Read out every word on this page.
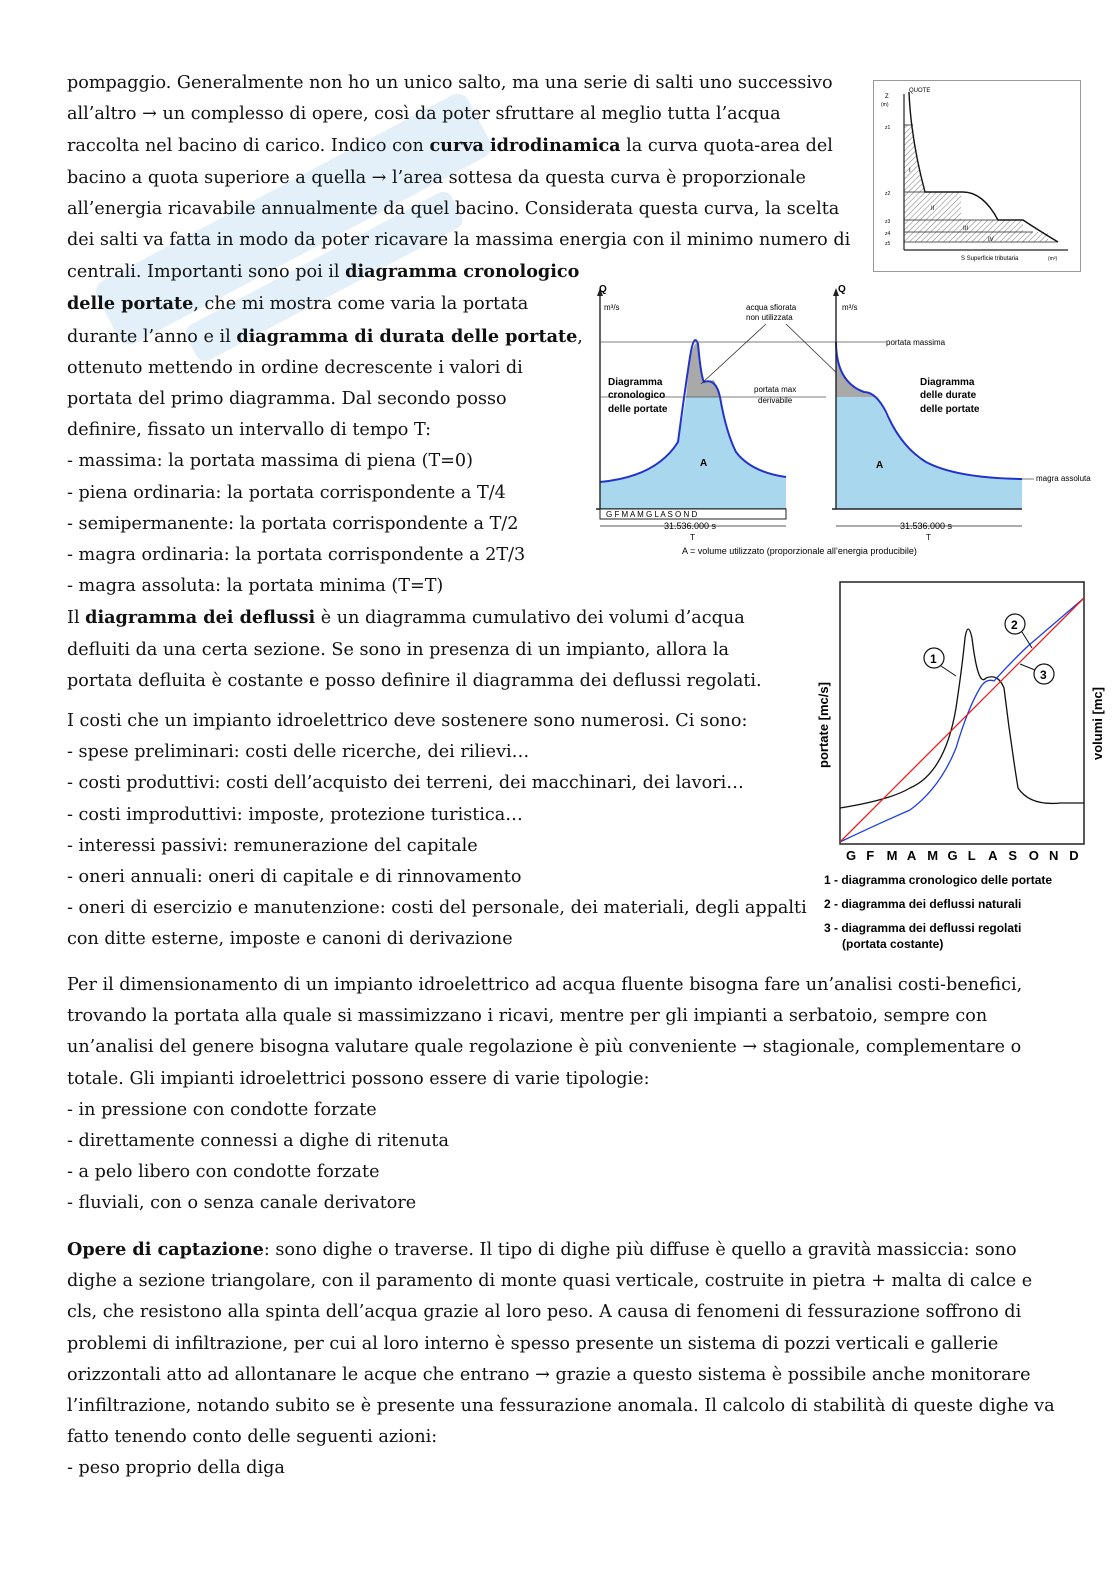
pompaggio. Generalmente non ho un unico salto, ma una serie di salti uno successivo
all’altro → un complesso di opere, così da poter sfruttare al meglio tutta l’acqua
raccolta nel bacino di carico. Indico con curva idrodinamica la curva quota-area del
bacino a quota superiore a quella → l’area sottesa da questa curva è proporzionale
all’energia ricavabile annualmente da quel bacino. Considerata questa curva, la scelta
dei salti va fatta in modo da poter ricavare la massima energia con il minimo numero di
centrali. Importanti sono poi il diagramma cronologico
delle portate, che mi mostra come varia la portata
durante l’anno e il diagramma di durata delle portate,
ottenuto mettendo in ordine decrescente i valori di
portata del primo diagramma. Dal secondo posso
definire, fissato un intervallo di tempo T:
- massima: la portata massima di piena (T=0)
- piena ordinaria: la portata corrispondente a T/4
- semipermanente: la portata corrispondente a T/2
- magra ordinaria: la portata corrispondente a 2T/3
- magra assoluta: la portata minima (T=T)
Il diagramma dei deflussi è un diagramma cumulativo dei volumi d’acqua
defluiti da una certa sezione. Se sono in presenza di un impianto, allora la
portata defluita è costante e posso definire il diagramma dei deflussi regolati.
I costi che un impianto idroelettrico deve sostenere sono numerosi. Ci sono:
- spese preliminari: costi delle ricerche, dei rilievi…
- costi produttivi: costi dell’acquisto dei terreni, dei macchinari, dei lavori…
- costi improduttivi: imposte, protezione turistica…
- interessi passivi: remunerazione del capitale
- oneri annuali: oneri di capitale e di rinnovamento
- oneri di esercizio e manutenzione: costi del personale, dei materiali, degli appalti
con ditte esterne, imposte e canoni di derivazione
Per il dimensionamento di un impianto idroelettrico ad acqua fluente bisogna fare un’analisi costi-benefici,
trovando la portata alla quale si massimizzano i ricavi, mentre per gli impianti a serbatoio, sempre con
un’analisi del genere bisogna valutare quale regolazione è più conveniente → stagionale, complementare o
totale. Gli impianti idroelettrici possono essere di varie tipologie:
- in pressione con condotte forzate
- direttamente connessi a dighe di ritenuta
- a pelo libero con condotte forzate
- fluviali, con o senza canale derivatore
Opere di captazione: sono dighe o traverse. Il tipo di dighe più diffuse è quello a gravità massiccia: sono
dighe a sezione triangolare, con il paramento di monte quasi verticale, costruite in pietra + malta di calce e
cls, che resistono alla spinta dell’acqua grazie al loro peso. A causa di fenomeni di fessurazione soffrono di
problemi di infiltrazione, per cui al loro interno è spesso presente un sistema di pozzi verticali e gallerie
orizzontali atto ad allontanare le acque che entrano → grazie a questo sistema è possibile anche monitorare
l’infiltrazione, notando subito se è presente una fessurazione anomala. Il calcolo di stabilità di queste dighe va
fatto tenendo conto delle seguenti azioni:
- peso proprio della diga
QUOTE
Z
(m)
z1
z2
z3
z4
z5
I
II
III
IV
S Superficie tributaria	(m²)
Q
m³/s
Diagramma
cronologico
delle portate
A
G F M A M G L A S O N D
31.536.000 s
T
acqua sfiorata
non utilizzata
portata max
derivabile
portata massima
Q
m³/s
Diagramma
delle durate
delle portate
A
magra assoluta
31.536.000 s
T
A = volume utilizzato (proporzionale all’energia producibile)
1
2
3
portate [mc/s]	volumi [mc]
G F M A M G L A S O N D
1 - diagramma cronologico delle portate
2 - diagramma dei deflussi naturali
3 - diagramma dei deflussi regolati
(portata costante)
